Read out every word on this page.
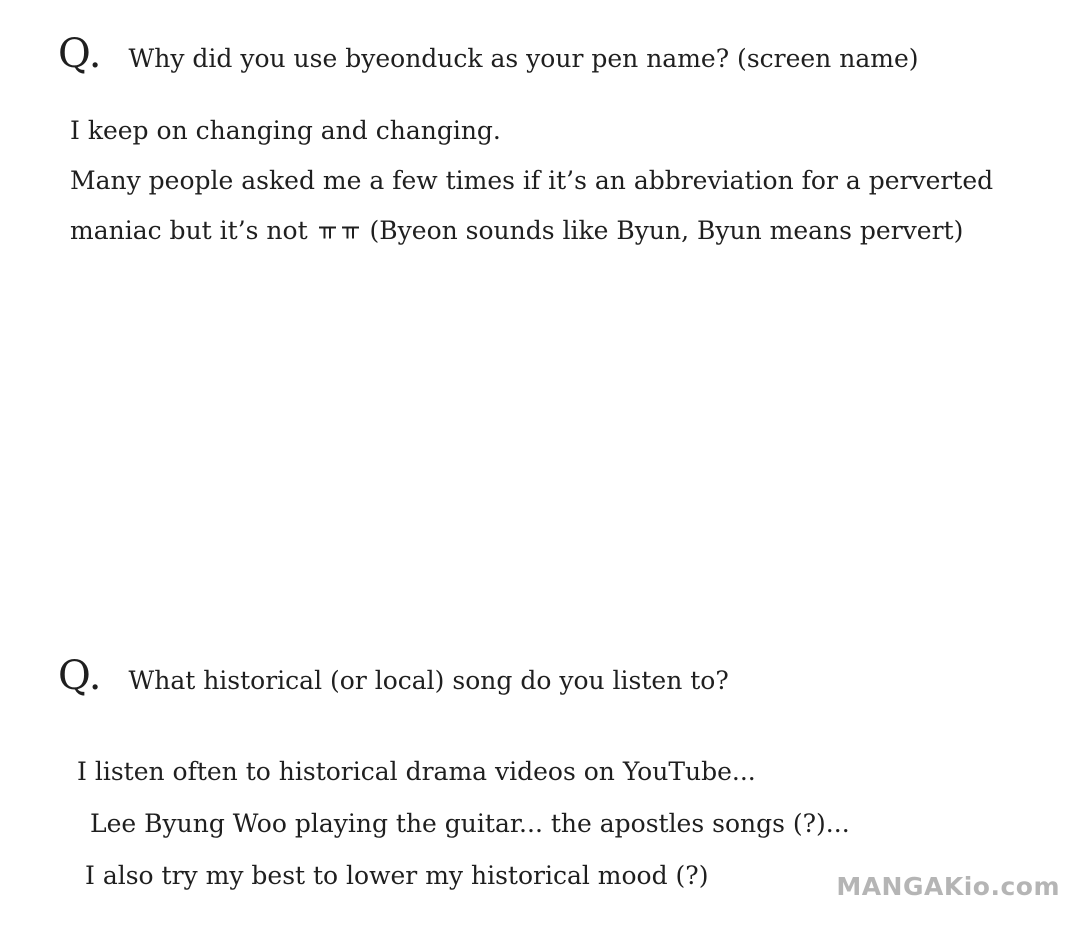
Q. Why did you use byeonduck as your pen name? (screen name)

I keep on changing and changing.

Many people asked me a few times if it’s an abbreviation for a perverted

maniac but it’s not  (Byeon sounds like Byun, Byun means pervert)

Q. What historical (or local) song do you listen to?

I listen often to historical drama videos on YouTube...

Lee Byung Woo playing the guitar... the apostles songs (?)...

I also try my best to lower my historical mood (?)	MANGAKio.com
